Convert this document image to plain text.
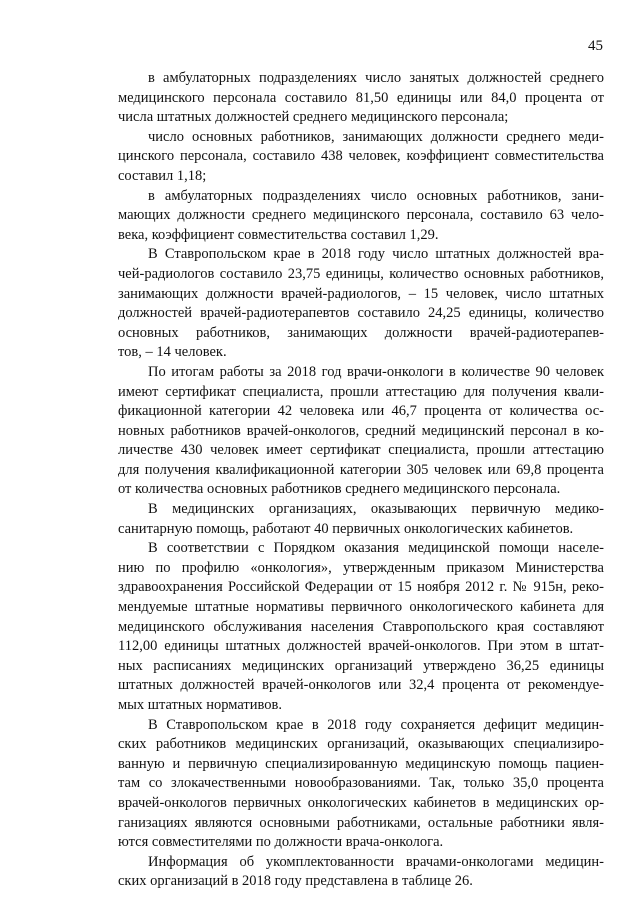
45
в амбулаторных подразделениях число занятых должностей среднего
медицинского персонала составило 81,50 единицы или 84,0 процента от
числа штатных должностей среднего медицинского персонала;
число основных работников, занимающих должности среднего меди-
цинского персонала, составило 438 человек, коэффициент совместительства
составил 1,18;
в амбулаторных подразделениях число основных работников, зани-
мающих должности среднего медицинского персонала, составило 63 чело-
века, коэффициент совместительства составил 1,29.
В Ставропольском крае в 2018 году число штатных должностей вра-
чей-радиологов составило 23,75 единицы, количество основных работников,
занимающих должности врачей-радиологов, – 15 человек, число штатных
должностей врачей-радиотерапевтов составило 24,25 единицы, количество
основных работников, занимающих должности врачей-радиотерапев-
тов, – 14 человек.
По итогам работы за 2018 год врачи-онкологи в количестве 90 человек
имеют сертификат специалиста, прошли аттестацию для получения квали-
фикационной категории 42 человека или 46,7 процента от количества ос-
новных работников врачей-онкологов, средний медицинский персонал в ко-
личестве 430 человек имеет сертификат специалиста, прошли аттестацию
для получения квалификационной категории 305 человек или 69,8 процента
от количества основных работников среднего медицинского персонала.
В медицинских организациях, оказывающих первичную медико-
санитарную помощь, работают 40 первичных онкологических кабинетов.
В соответствии с Порядком оказания медицинской помощи населе-
нию по профилю «онкология», утвержденным приказом Министерства
здравоохранения Российской Федерации от 15 ноября 2012 г. № 915н, реко-
мендуемые штатные нормативы первичного онкологического кабинета для
медицинского обслуживания населения Ставропольского края составляют
112,00 единицы штатных должностей врачей-онкологов. При этом в штат-
ных расписаниях медицинских организаций утверждено 36,25 единицы
штатных должностей врачей-онкологов или 32,4 процента от рекомендуе-
мых штатных нормативов.
В Ставропольском крае в 2018 году сохраняется дефицит медицин-
ских работников медицинских организаций, оказывающих специализиро-
ванную и первичную специализированную медицинскую помощь пациен-
там со злокачественными новообразованиями. Так, только 35,0 процента
врачей-онкологов первичных онкологических кабинетов в медицинских ор-
ганизациях являются основными работниками, остальные работники явля-
ются совместителями по должности врача-онколога.
Информация об укомплектованности врачами-онкологами медицин-
ских организаций в 2018 году представлена в таблице 26.
